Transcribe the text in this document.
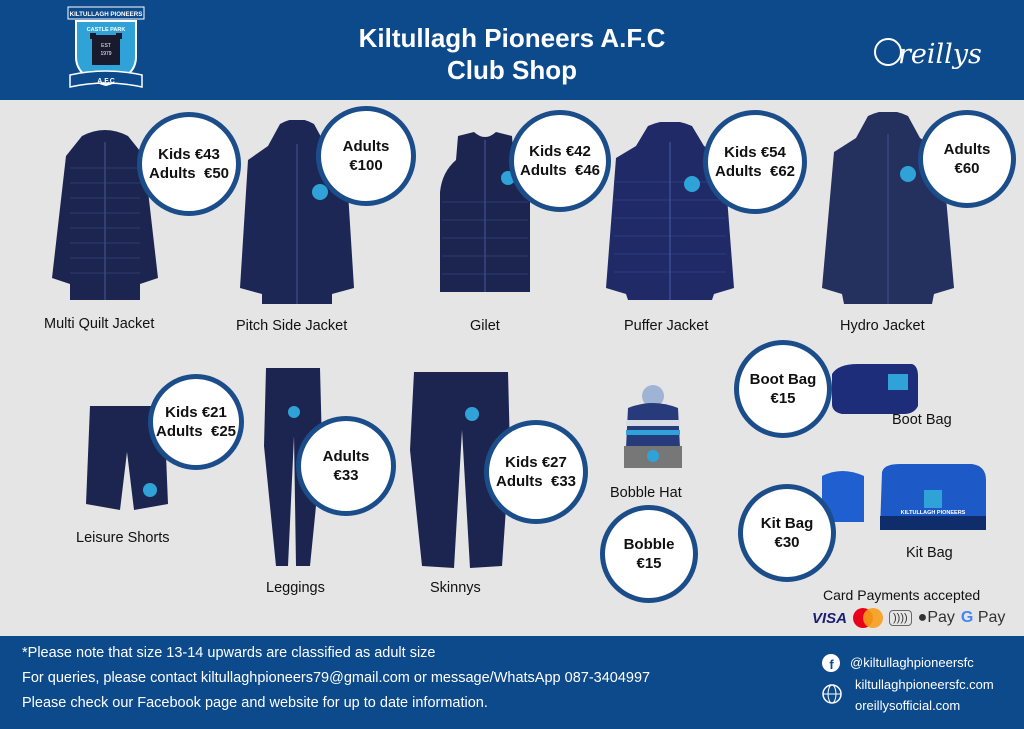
KILTULLAGH PIONEERS
CASTLE PARK
EST
1979
A.F.C
Kiltullagh Pioneers A.F.C
Club Shop	reillys
Kids €43
Adults  €50
Multi Quilt Jacket
Adults
€100
Pitch Side Jacket
Kids €42
Adults  €46
Gilet
Kids €54
Adults  €62
Puffer Jacket
Adults
€60
Hydro Jacket
Kids €21
Adults  €25
Leisure Shorts
Adults
€33
Leggings
Kids €27
Adults  €33
Skinnys
Bobble Hat
Bobble
€15
Boot Bag
€15
Boot Bag
Kit Bag
€30
KILTULLAGH PIONEERS
Kit Bag
Card Payments accepted
VISA	)))) ●Pay G Pay
*Please note that size 13-14 upwards are classified as adult size
For queries, please contact kiltullaghpioneers79@gmail.com or message/WhatsApp 087-3404997
Please check our Facebook page and website for up to date information.
f @kiltullaghpioneersfc
kiltullaghpioneersfc.com
oreillysofficial.com
